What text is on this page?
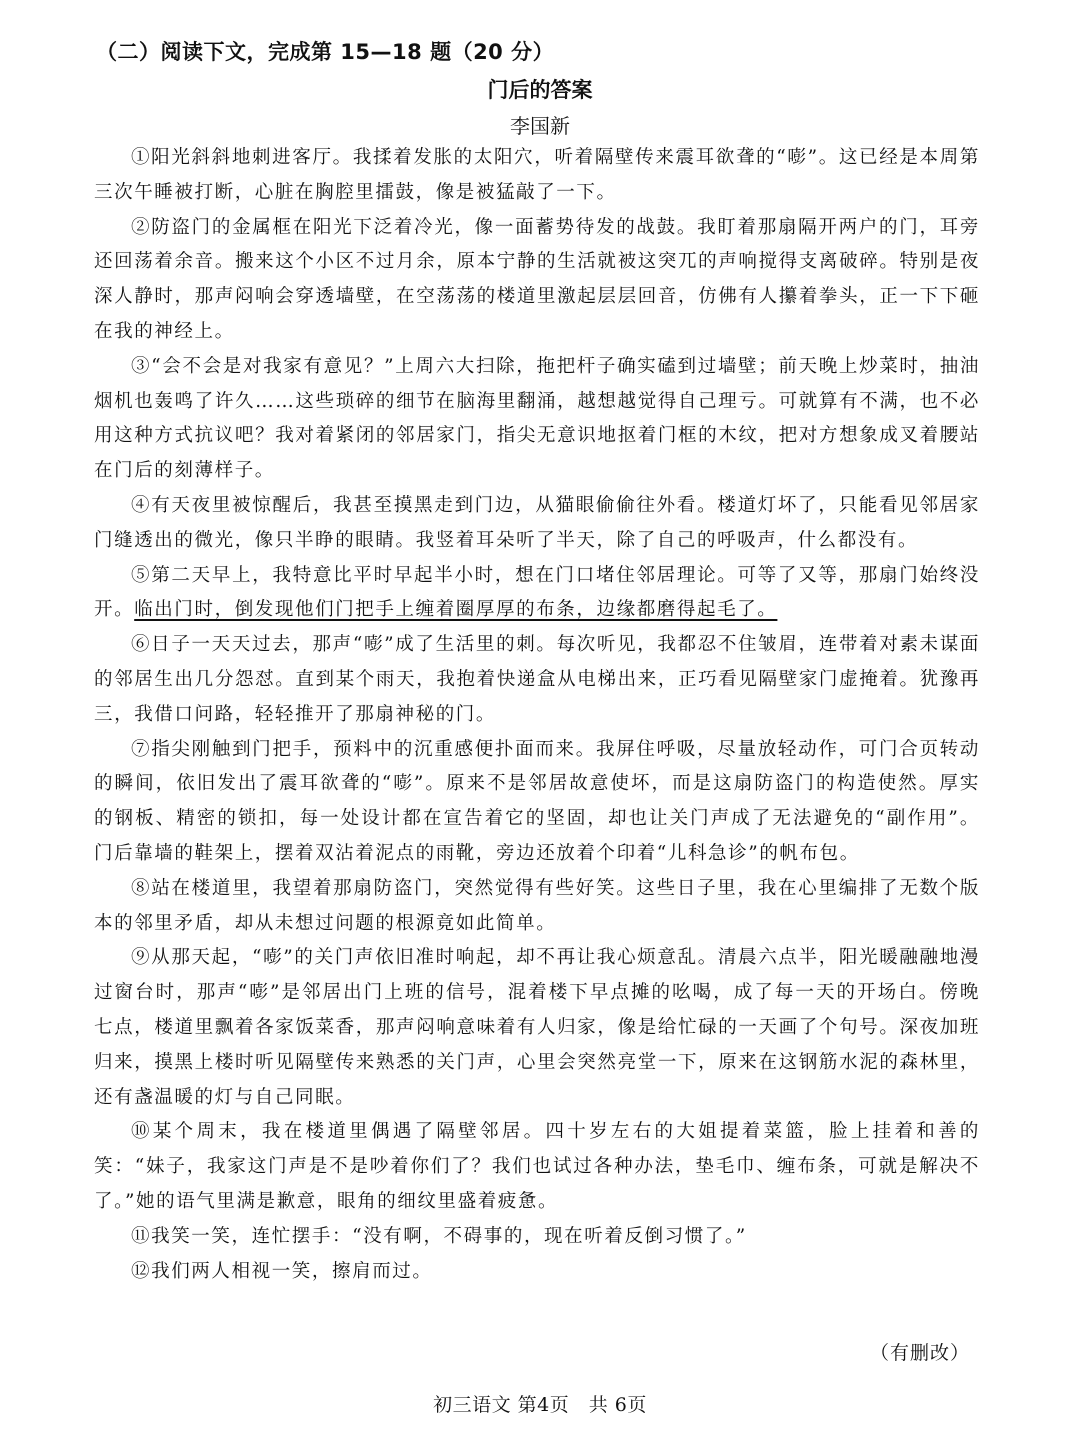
（二）阅读下文，完成第 15—18 题（20 分）
门后的答案
李国新

①阳光斜斜地刺进客厅。我揉着发胀的太阳穴，听着隔壁传来震耳欲聋的“嘭”。这已经是本周第三次午睡被打断，心脏在胸腔里擂鼓，像是被猛敲了一下。

②防盗门的金属框在阳光下泛着冷光，像一面蓄势待发的战鼓。我盯着那扇隔开两户的门，耳旁还回荡着余音。搬来这个小区不过月余，原本宁静的生活就被这突兀的声响搅得支离破碎。特别是夜深人静时，那声闷响会穿透墙壁，在空荡荡的楼道里激起层层回音，仿佛有人攥着拳头，正一下下砸在我的神经上。

③“会不会是对我家有意见？”上周六大扫除，拖把杆子确实磕到过墙壁；前天晚上炒菜时，抽油烟机也轰鸣了许久……这些琐碎的细节在脑海里翻涌，越想越觉得自己理亏。可就算有不满，也不必用这种方式抗议吧？我对着紧闭的邻居家门，指尖无意识地抠着门框的木纹，把对方想象成叉着腰站在门后的刻薄样子。

④有天夜里被惊醒后，我甚至摸黑走到门边，从猫眼偷偷往外看。楼道灯坏了，只能看见邻居家门缝透出的微光，像只半睁的眼睛。我竖着耳朵听了半天，除了自己的呼吸声，什么都没有。

⑤第二天早上，我特意比平时早起半小时，想在门口堵住邻居理论。可等了又等，那扇门始终没开。临出门时，倒发现他们门把手上缠着圈厚厚的布条，边缘都磨得起毛了。

⑥日子一天天过去，那声“嘭”成了生活里的刺。每次听见，我都忍不住皱眉，连带着对素未谋面的邻居生出几分怨怼。直到某个雨天，我抱着快递盒从电梯出来，正巧看见隔壁家门虚掩着。犹豫再三，我借口问路，轻轻推开了那扇神秘的门。

⑦指尖刚触到门把手，预料中的沉重感便扑面而来。我屏住呼吸，尽量放轻动作，可门合页转动的瞬间，依旧发出了震耳欲聋的“嘭”。原来不是邻居故意使坏，而是这扇防盗门的构造使然。厚实的钢板、精密的锁扣，每一处设计都在宣告着它的坚固，却也让关门声成了无法避免的“副作用”。门后靠墙的鞋架上，摆着双沾着泥点的雨靴，旁边还放着个印着“儿科急诊”的帆布包。

⑧站在楼道里，我望着那扇防盗门，突然觉得有些好笑。这些日子里，我在心里编排了无数个版本的邻里矛盾，却从未想过问题的根源竟如此简单。

⑨从那天起，“嘭”的关门声依旧准时响起，却不再让我心烦意乱。清晨六点半，阳光暖融融地漫过窗台时，那声“嘭”是邻居出门上班的信号，混着楼下早点摊的吆喝，成了每一天的开场白。傍晚七点，楼道里飘着各家饭菜香，那声闷响意味着有人归家，像是给忙碌的一天画了个句号。深夜加班归来，摸黑上楼时听见隔壁传来熟悉的关门声，心里会突然亮堂一下，原来在这钢筋水泥的森林里，还有盏温暖的灯与自己同眠。

⑩某个周末，我在楼道里偶遇了隔壁邻居。四十岁左右的大姐提着菜篮，脸上挂着和善的笑：“妹子，我家这门声是不是吵着你们了？我们也试过各种办法，垫毛巾、缠布条，可就是解决不了。”她的语气里满是歉意，眼角的细纹里盛着疲惫。

⑪我笑一笑，连忙摆手：“没有啊，不碍事的，现在听着反倒习惯了。”

⑫我们两人相视一笑，擦肩而过。

（有删改）
初三语文 第4页　共 6页
